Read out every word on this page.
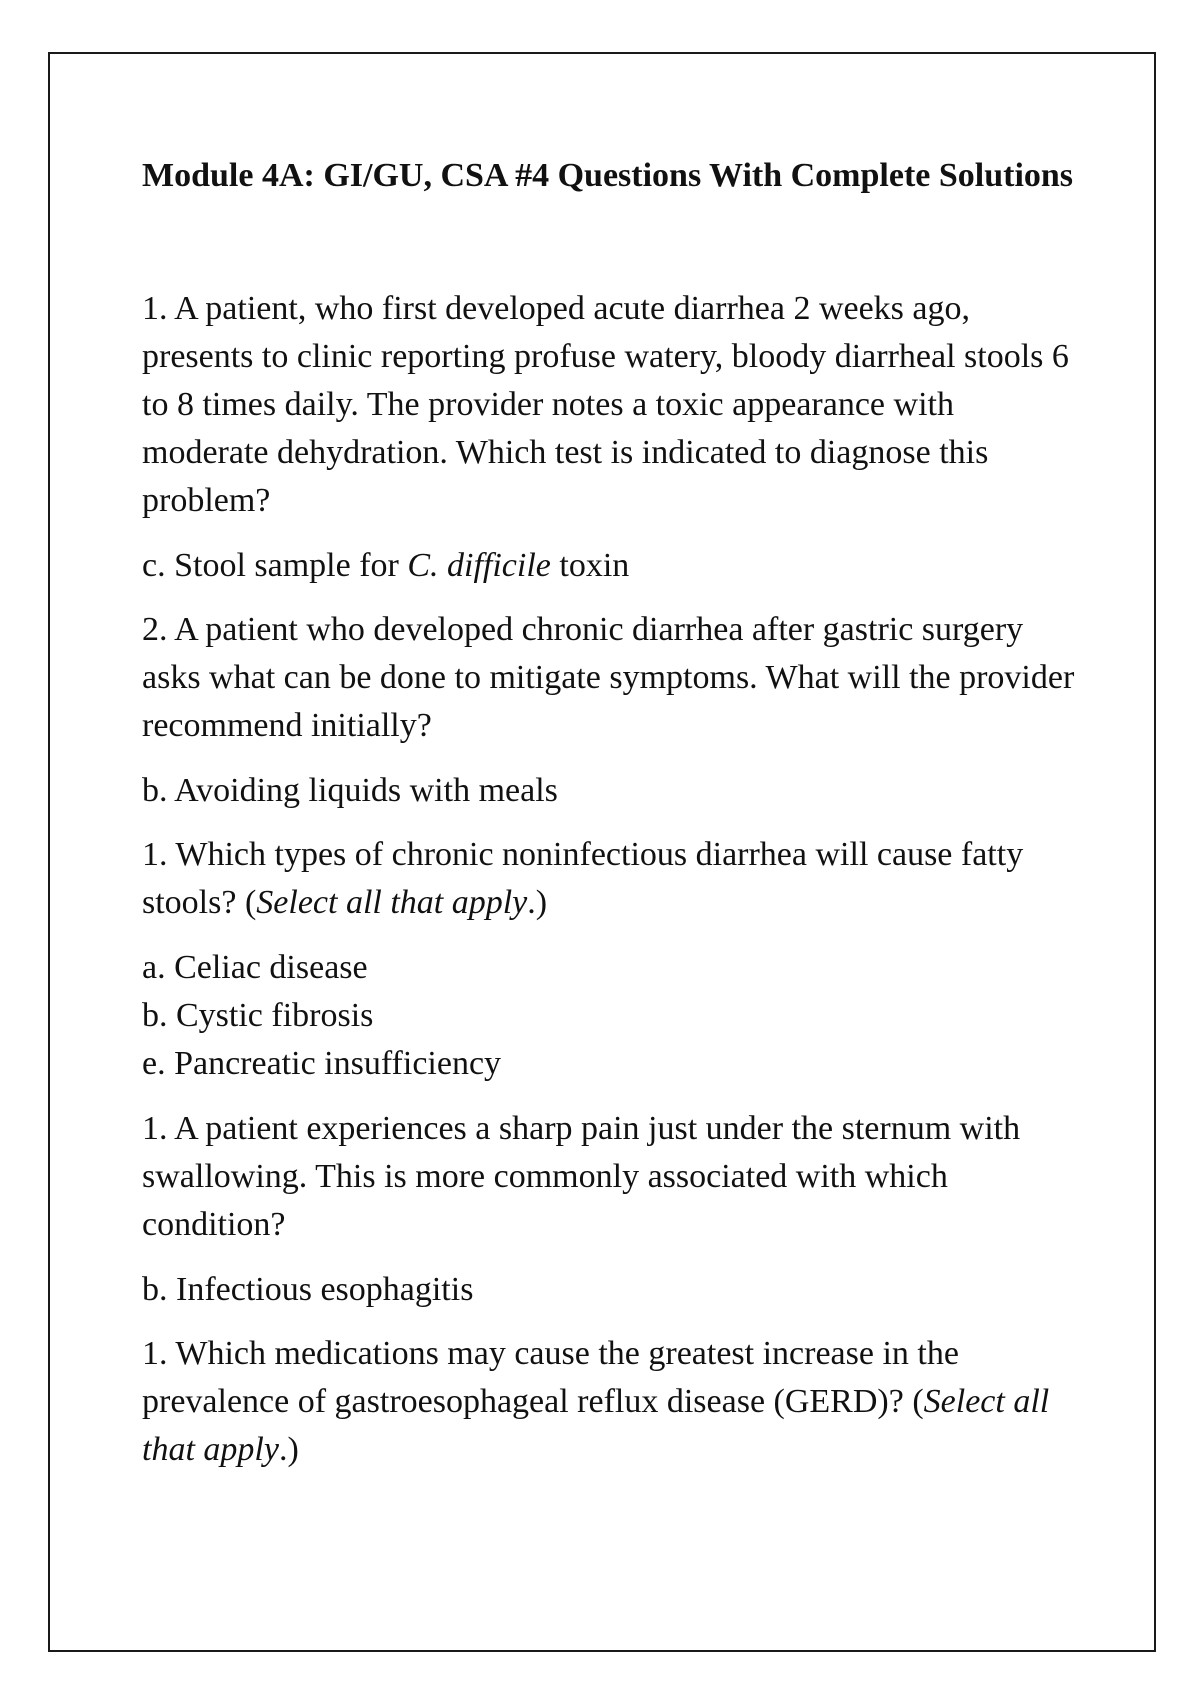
Module 4A: GI/GU, CSA #4 Questions With Complete Solutions

1. A patient, who first developed acute diarrhea 2 weeks ago, presents to clinic reporting profuse watery, bloody diarrheal stools 6 to 8 times daily. The provider notes a toxic appearance with moderate dehydration. Which test is indicated to diagnose this problem?

c. Stool sample for C. difficile toxin

2. A patient who developed chronic diarrhea after gastric surgery asks what can be done to mitigate symptoms. What will the provider recommend initially?

b. Avoiding liquids with meals

1. Which types of chronic noninfectious diarrhea will cause fatty stools? (Select all that apply.)

a. Celiac disease
b. Cystic fibrosis
e. Pancreatic insufficiency

1. A patient experiences a sharp pain just under the sternum with swallowing. This is more commonly associated with which condition?

b. Infectious esophagitis

1. Which medications may cause the greatest increase in the prevalence of gastroesophageal reflux disease (GERD)? (Select all that apply.)
